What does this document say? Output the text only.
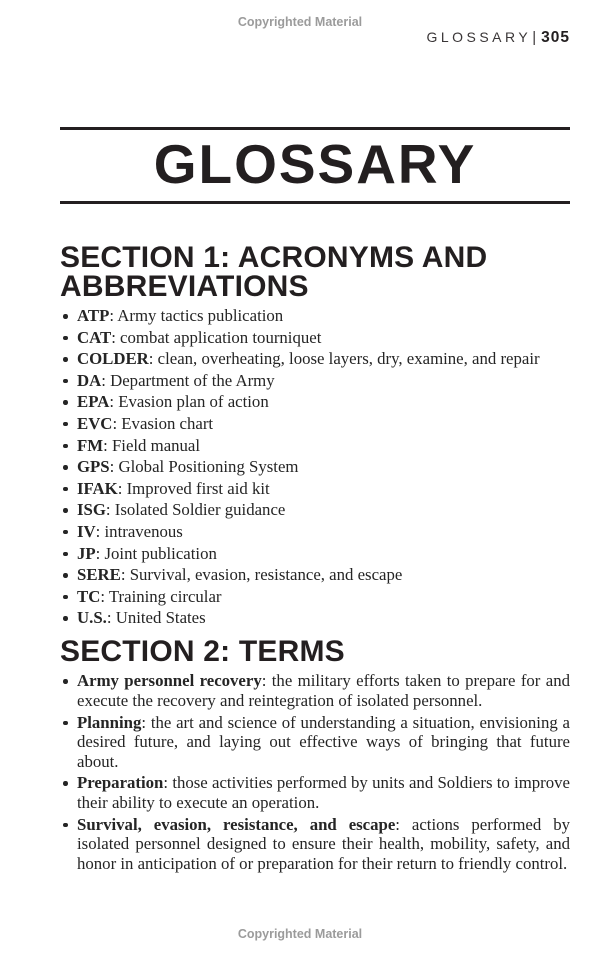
Copyrighted Material
GLOSSARY| 305
GLOSSARY
SECTION 1: ACRONYMS AND ABBREVIATIONS
ATP: Army tactics publication
CAT: combat application tourniquet
COLDER: clean, overheating, loose layers, dry, examine, and repair
DA: Department of the Army
EPA: Evasion plan of action
EVC: Evasion chart
FM: Field manual
GPS: Global Positioning System
IFAK: Improved first aid kit
ISG: Isolated Soldier guidance
IV: intravenous
JP: Joint publication
SERE: Survival, evasion, resistance, and escape
TC: Training circular
U.S.: United States
SECTION 2: TERMS
Army personnel recovery: the military efforts taken to prepare for and execute the recovery and reintegration of isolated personnel.
Planning: the art and science of understanding a situation, envisioning a desired future, and laying out effective ways of bringing that future about.
Preparation: those activities performed by units and Soldiers to improve their ability to execute an operation.
Survival, evasion, resistance, and escape: actions performed by isolated personnel designed to ensure their health, mobility, safety, and honor in anticipation of or preparation for their return to friendly control.
Copyrighted Material
